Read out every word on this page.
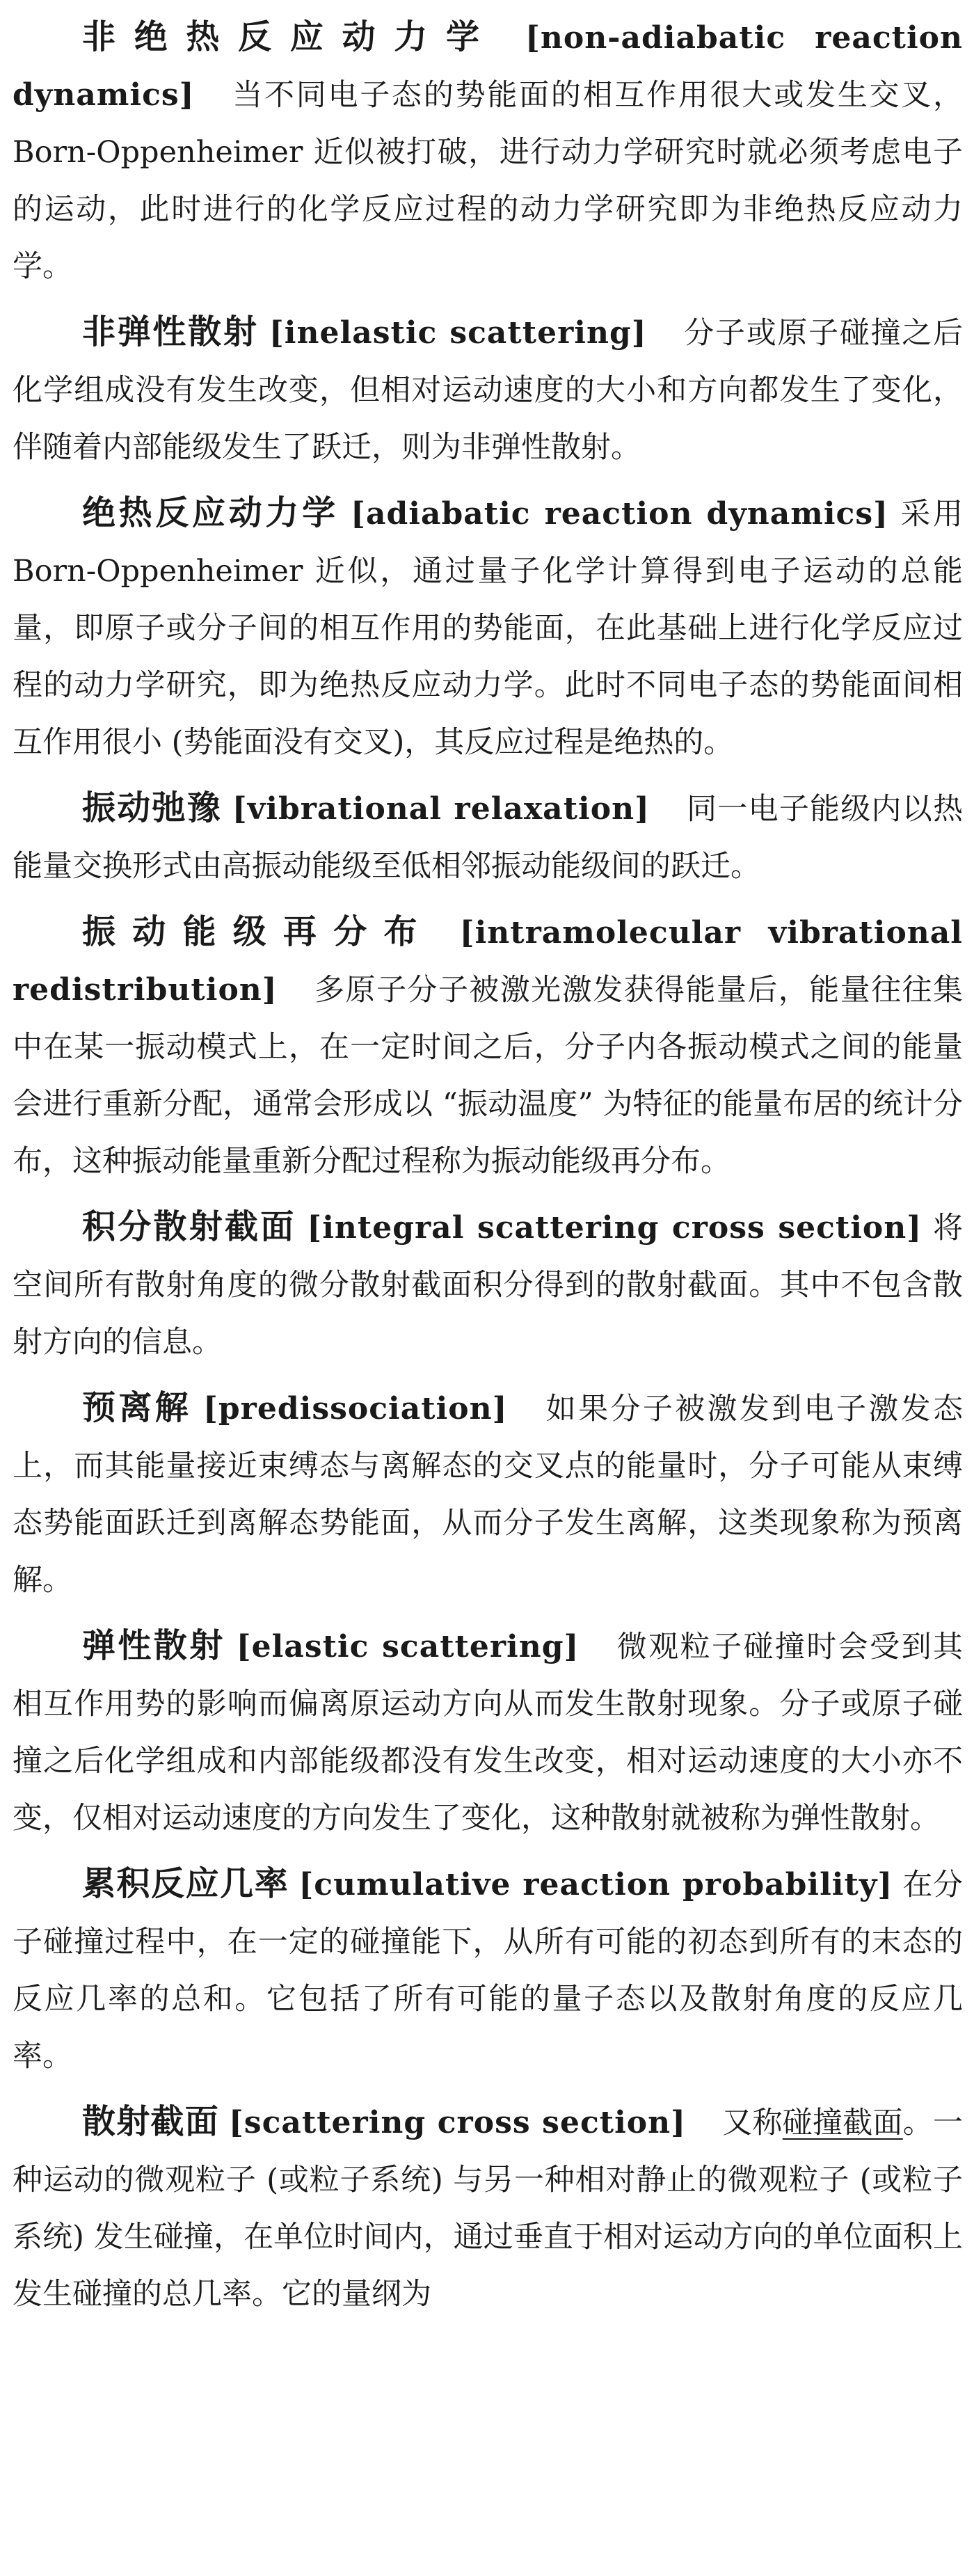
非绝热反应动力学 [non-adiabatic reaction dynamics] 当不同电子态的势能面的相互作用很大或发生交叉，Born-Oppenheimer 近似被打破，进行动力学研究时就必须考虑电子的运动，此时进行的化学反应过程的动力学研究即为非绝热反应动力学。

非弹性散射 [inelastic scattering] 分子或原子碰撞之后化学组成没有发生改变，但相对运动速度的大小和方向都发生了变化，伴随着内部能级发生了跃迁，则为非弹性散射。

绝热反应动力学 [adiabatic reaction dynamics] 采用 Born-Oppenheimer 近似，通过量子化学计算得到电子运动的总能量，即原子或分子间的相互作用的势能面，在此基础上进行化学反应过程的动力学研究，即为绝热反应动力学。此时不同电子态的势能面间相互作用很小 (势能面没有交叉)，其反应过程是绝热的。

振动弛豫 [vibrational relaxation] 同一电子能级内以热能量交换形式由高振动能级至低相邻振动能级间的跃迁。

振动能级再分布 [intramolecular vibrational redistribution] 多原子分子被激光激发获得能量后，能量往往集中在某一振动模式上，在一定时间之后，分子内各振动模式之间的能量会进行重新分配，通常会形成以 “振动温度” 为特征的能量布居的统计分布，这种振动能量重新分配过程称为振动能级再分布。

积分散射截面 [integral scattering cross section] 将空间所有散射角度的微分散射截面积分得到的散射截面。其中不包含散射方向的信息。

预离解 [predissociation] 如果分子被激发到电子激发态上，而其能量接近束缚态与离解态的交叉点的能量时，分子可能从束缚态势能面跃迁到离解态势能面，从而分子发生离解，这类现象称为预离解。

弹性散射 [elastic scattering] 微观粒子碰撞时会受到其相互作用势的影响而偏离原运动方向从而发生散射现象。分子或原子碰撞之后化学组成和内部能级都没有发生改变，相对运动速度的大小亦不变，仅相对运动速度的方向发生了变化，这种散射就被称为弹性散射。

累积反应几率 [cumulative reaction probability] 在分子碰撞过程中，在一定的碰撞能下，从所有可能的初态到所有的末态的反应几率的总和。它包括了所有可能的量子态以及散射角度的反应几率。

散射截面 [scattering cross section] 又称碰撞截面。一种运动的微观粒子 (或粒子系统) 与另一种相对静止的微观粒子 (或粒子系统) 发生碰撞，在单位时间内，通过垂直于相对运动方向的单位面积上发生碰撞的总几率。它的量纲为
